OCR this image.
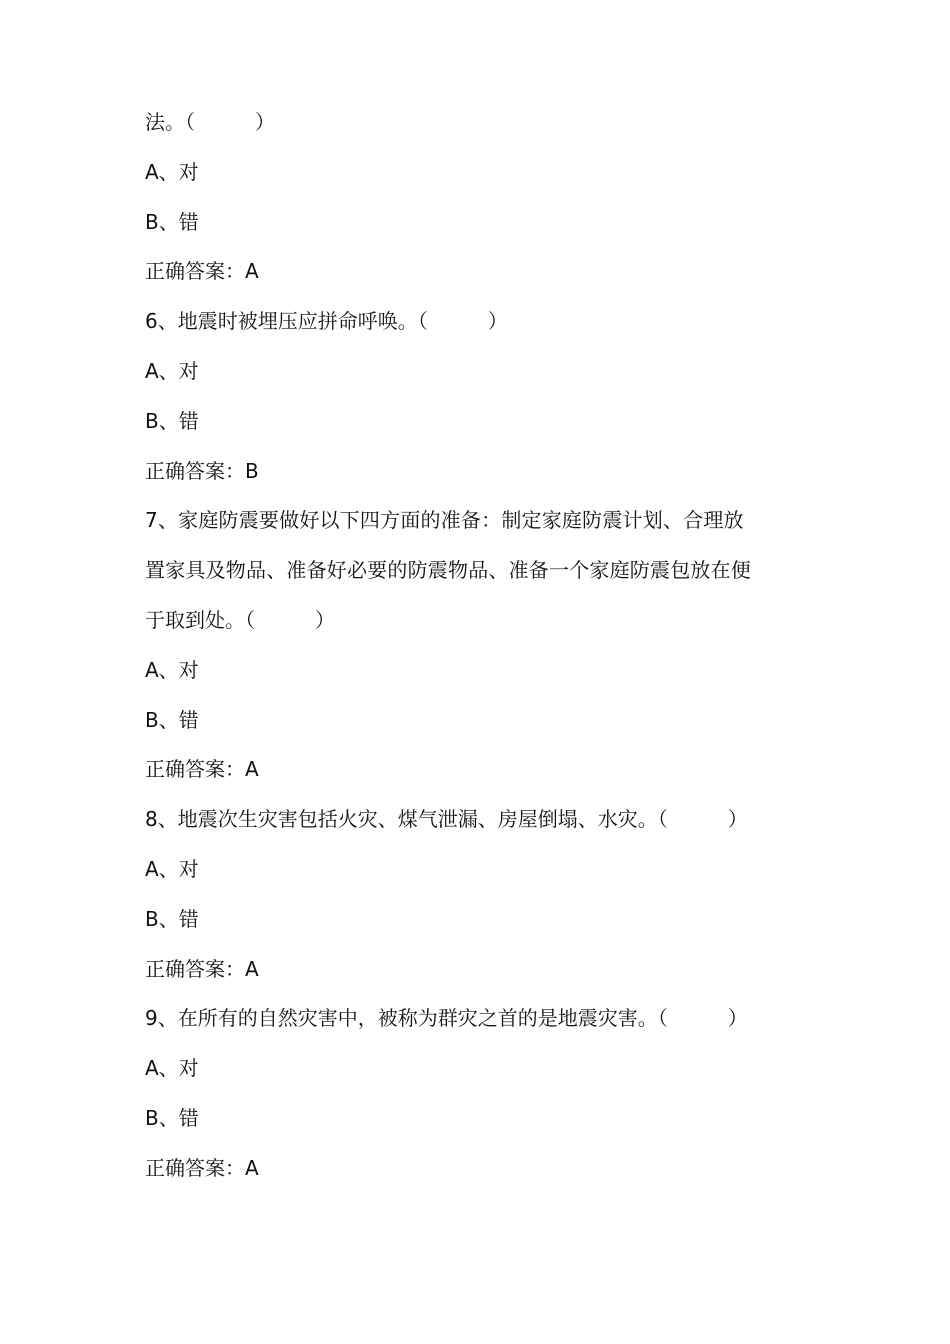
法。（　　　）
A、对
B、错
正确答案：A
6、地震时被埋压应拼命呼唤。（　　　）
A、对
B、错
正确答案：B
7、家庭防震要做好以下四方面的准备：制定家庭防震计划、合理放
置家具及物品、准备好必要的防震物品、准备一个家庭防震包放在便
于取到处。（　　　）
A、对
B、错
正确答案：A
8、地震次生灾害包括火灾、煤气泄漏、房屋倒塌、水灾。（　　　）
A、对
B、错
正确答案：A
9、在所有的自然灾害中，被称为群灾之首的是地震灾害。（　　　）
A、对
B、错
正确答案：A
